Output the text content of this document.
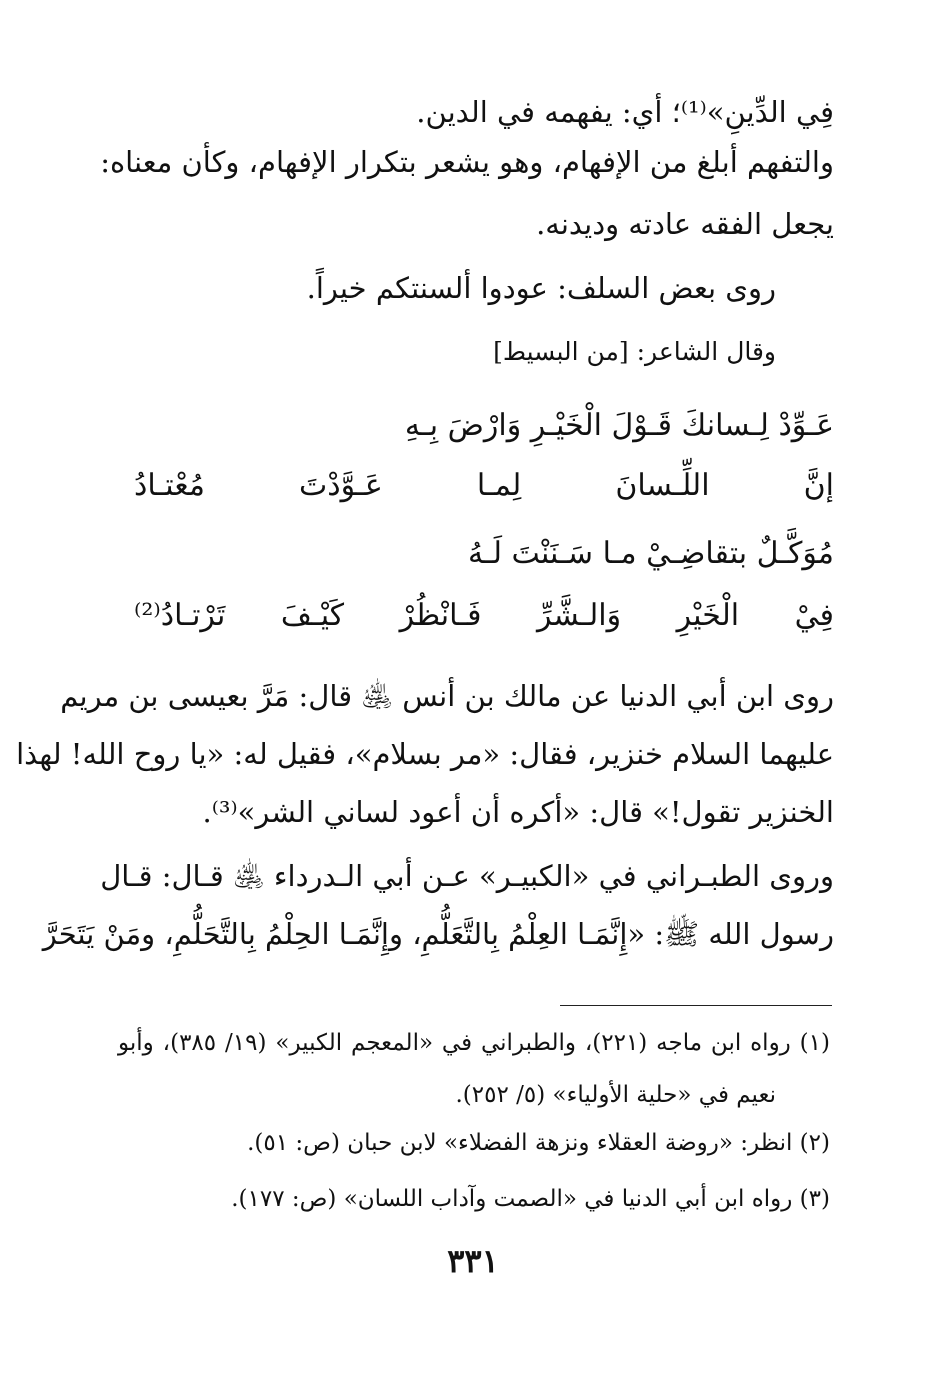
فِي الدِّينِ»⁽¹⁾؛ أي: يفهمه في الدين.
والتفهم أبلغ من الإفهام، وهو يشعر بتكرار الإفهام، وكأن معناه:
يجعل الفقه عادته وديدنه.
روى بعض السلف: عودوا ألسنتكم خيراً.
وقال الشاعر: [من البسيط]
عَـوِّدْ لِـسانكَ قَـوْلَ الْخَيْـرِ وَارْضَ بِـهِ
إنَّ اللِّـسانَ لِمـا عَـوَّدْتَ مُعْتـادُ
مُوَكَّـلٌ بتقاضِـيْ مـا سَـنَنْتَ لَـهُ
فِيْ الْخَيْرِ وَالـشَّرِّ فَـانْظُرْ كَيْـفَ تَرْتـادُ⁽²⁾
روى ابن أبي الدنيا عن مالك بن أنس ﵁ قال: مَرَّ بعيسى بن مريم
عليهما السلام خنزير، فقال: «مر بسلام»، فقيل له: «يا روح الله! لهذا
الخنزير تقول!» قال: «أكره أن أعود لساني الشر»⁽³⁾.
وروى الطبـراني في «الكبيـر» عـن أبي الـدرداء ﵁ قـال: قـال
رسول الله ﷺ: «إِنَّمَـا العِلْمُ بِالتَّعَلُّمِ، وإِنَّمَـا الحِلْمُ بِالتَّحَلُّمِ، ومَنْ يَتَحَرَّ
(١) رواه ابن ماجه (٢٢١)، والطبراني في «المعجم الكبير» (١٩/ ٣٨٥)، وأبو
نعيم في «حلية الأولياء» (٥/ ٢٥٢).
(٢) انظر: «روضة العقلاء ونزهة الفضلاء» لابن حبان (ص: ٥١).
(٣) رواه ابن أبي الدنيا في «الصمت وآداب اللسان» (ص: ١٧٧).
٣٣١
